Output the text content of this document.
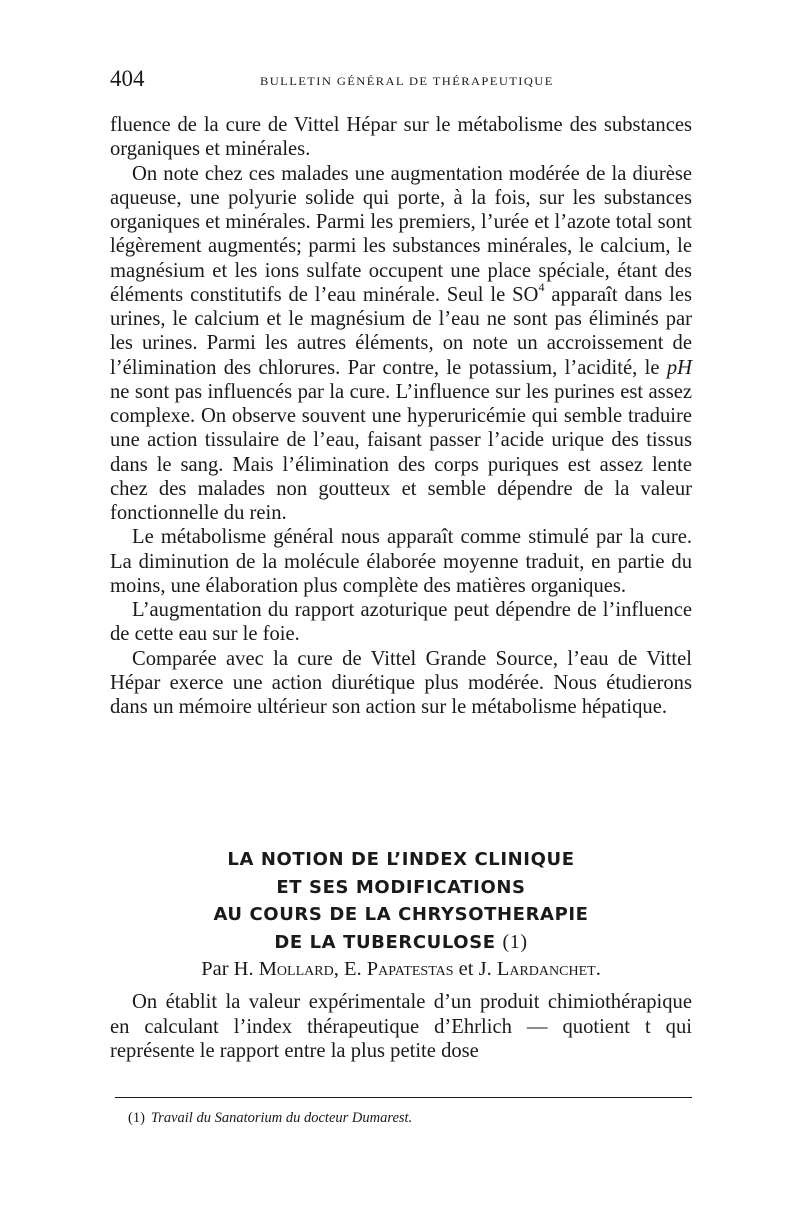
404	BULLETIN GÉNÉRAL DE THÉRAPEUTIQUE

fluence de la cure de Vittel Hépar sur le métabolisme des substances organiques et minérales.

On note chez ces malades une augmentation modérée de la diurèse aqueuse, une polyurie solide qui porte, à la fois, sur les substances organiques et minérales. Parmi les premiers, l’urée et l’azote total sont légèrement augmentés; parmi les substances minérales, le calcium, le magnésium et les ions sulfate occupent une place spéciale, étant des éléments constitutifs de l’eau minérale. Seul le $SO^4$ apparaît dans les urines, le calcium et le magnésium de l’eau ne sont pas éliminés par les urines. Parmi les autres éléments, on note un accroissement de l’élimination des chlorures. Par contre, le potassium, l’acidité, le pH ne sont pas influencés par la cure. L’influence sur les purines est assez complexe. On observe souvent une hyperuricémie qui semble traduire une action tissulaire de l’eau, faisant passer l’acide urique des tissus dans le sang. Mais l’élimination des corps puriques est assez lente chez des malades non goutteux et semble dépendre de la valeur fonctionnelle du rein.

Le métabolisme général nous apparaît comme stimulé par la cure. La diminution de la molécule élaborée moyenne traduit, en partie du moins, une élaboration plus complète des matières organiques.

L’augmentation du rapport azoturique peut dépendre de l’influence de cette eau sur le foie.

Comparée avec la cure de Vittel Grande Source, l’eau de Vittel Hépar exerce une action diurétique plus modérée. Nous étudierons dans un mémoire ultérieur son action sur le métabolisme hépatique.

LA NOTION DE L’INDEX CLINIQUE
ET SES MODIFICATIONS
AU COURS DE LA CHRYSOTHERAPIE
DE LA TUBERCULOSE (1)
Par H. Mollard, E. Papatestas et J. Lardanchet.

On établit la valeur expérimentale d’un produit chimiothérapique en calculant l’index thérapeutique d’Ehrlich — quotient t qui représente le rapport entre la plus petite dose

(1) Travail du Sanatorium du docteur Dumarest.
